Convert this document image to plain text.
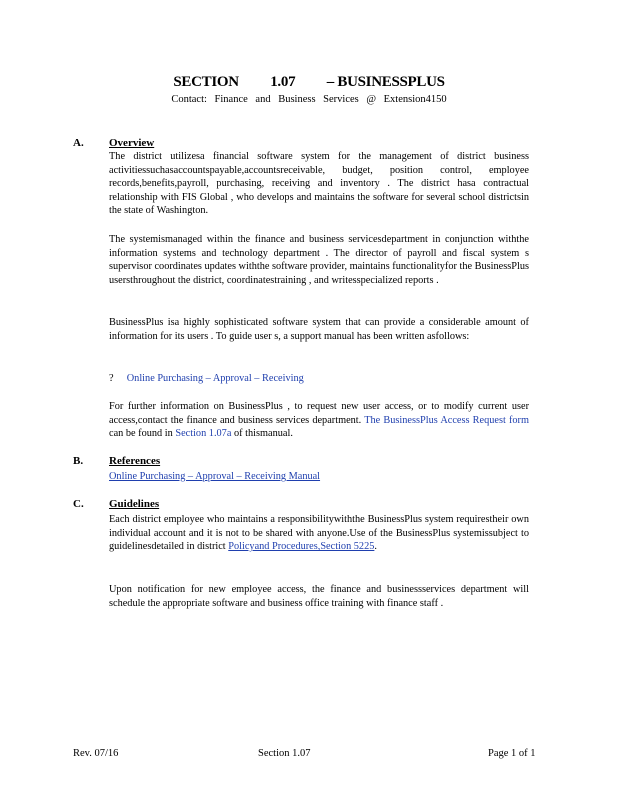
SECTION 1.07 – BUSINESSPLUS
Contact: Finance and Business Services @ Extension4150
A. Overview
The district utilizesa financial software system for the management of district business activitiessuchasaccountspayable,accountsreceivable, budget, position control, employee records,benefits,payroll, purchasing, receiving and inventory . The district hasa contractual relationship with FIS Global , who develops and maintains the software for several school districtsin the state of Washington.
The systemismanaged within the finance and business servicesdepartment in conjunction withthe information systems and technology department . The director of payroll and fiscal system s supervisor coordinates updates withthe software provider, maintains functionalityfor the BusinessPlus usersthroughout the district, coordinatestraining , and writesspecialized reports .
BusinessPlus isa highly sophisticated software system that can provide a considerable amount of information for its users . To guide user s, a support manual has been written asfollows:
? Online Purchasing – Approval – Receiving
For further information on BusinessPlus , to request new user access, or to modify current user access,contact the finance and business services department. The BusinessPlus Access Request form can be found in Section 1.07a of thismanual.
B. References
Online Purchasing – Approval – Receiving Manual
C. Guidelines
Each district employee who maintains a responsibilitywiththe BusinessPlus system requirestheir own individual account and it is not to be shared with anyone.Use of the BusinessPlus systemissubject to guidelinesdetailed in district Policyand Procedures,Section 5225.
Upon notification for new employee access, the finance and businessservices department will schedule the appropriate software and business office training with finance staff .
Rev. 07/16	Section 1.07	Page 1 of 1
